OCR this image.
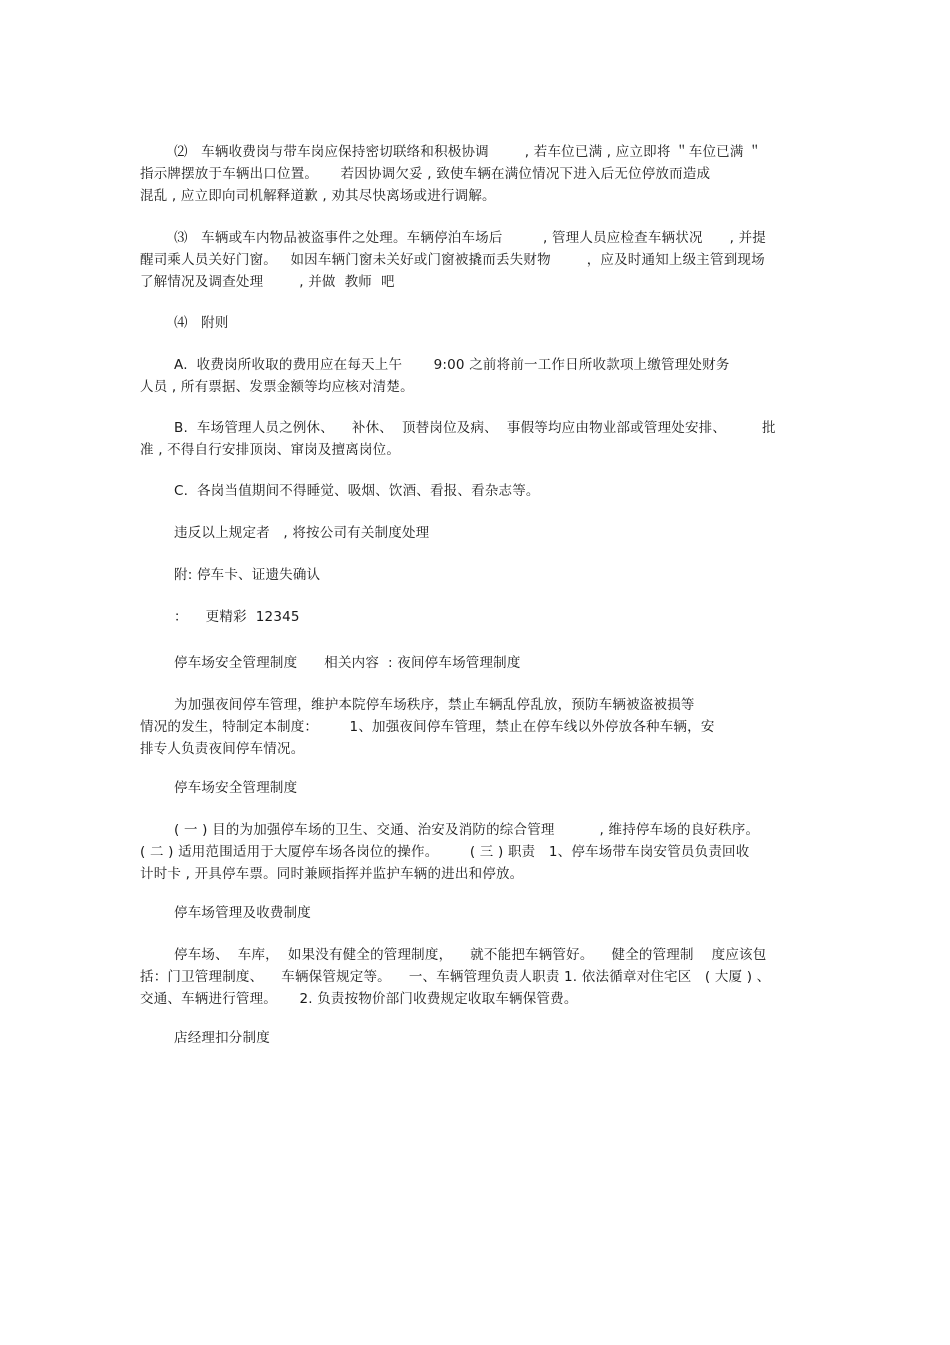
⑵   车辆收费岗与带车岗应保持密切联络和积极协调        , 若车位已满 , 应立即将 ＂车位已满 ＂
指示牌摆放于车辆出口位置。     若因协调欠妥 , 致使车辆在满位情况下进入后无位停放而造成
混乱 , 应立即向司机解释道歉 , 劝其尽快离场或进行调解。
⑶   车辆或车内物品被盗事件之处理。车辆停泊车场后         , 管理人员应检查车辆状况      , 并提
醒司乘人员关好门窗。   如因车辆门窗未关好或门窗被撬而丢失财物        ，应及时通知上级主管到现场
了解情况及调查处理        , 并做  教师  吧
⑷   附则
A.  收费岗所收取的费用应在每天上午       9:00 之前将前一工作日所收款项上缴管理处财务
人员 , 所有票据、发票金额等均应核对清楚。
B.  车场管理人员之例休、    补休、  顶替岗位及病、  事假等均应由物业部或管理处安排、        批
准 , 不得自行安排顶岗、窜岗及擅离岗位。
C.  各岗当值期间不得睡觉、吸烟、饮酒、看报、看杂志等。
违反以上规定者   , 将按公司有关制度处理
附: 停车卡、证遗失确认
：    更精彩  12345
停车场安全管理制度      相关内容  : 夜间停车场管理制度
为加强夜间停车管理，维护本院停车场秩序，禁止车辆乱停乱放，预防车辆被盗被损等
情况的发生，特制定本制度：       1、加强夜间停车管理，禁止在停车线以外停放各种车辆，安
排专人负责夜间停车情况。
停车场安全管理制度
( 一 ) 目的为加强停车场的卫生、交通、治安及消防的综合管理          , 维持停车场的良好秩序。
( 二 ) 适用范围适用于大厦停车场各岗位的操作。       ( 三 ) 职责   1、停车场带车岗安管员负责回收
计时卡 , 开具停车票。同时兼顾指挥并监护车辆的进出和停放。
停车场管理及收费制度
停车场、  车库，  如果没有健全的管理制度，    就不能把车辆管好。    健全的管理制    度应该包
括：门卫管理制度、    车辆保管规定等。    一、车辆管理负责人职责 1. 依法循章对住宅区   ( 大厦 ) 、
交通、车辆进行管理。     2. 负责按物价部门收费规定收取车辆保管费。
店经理扣分制度
